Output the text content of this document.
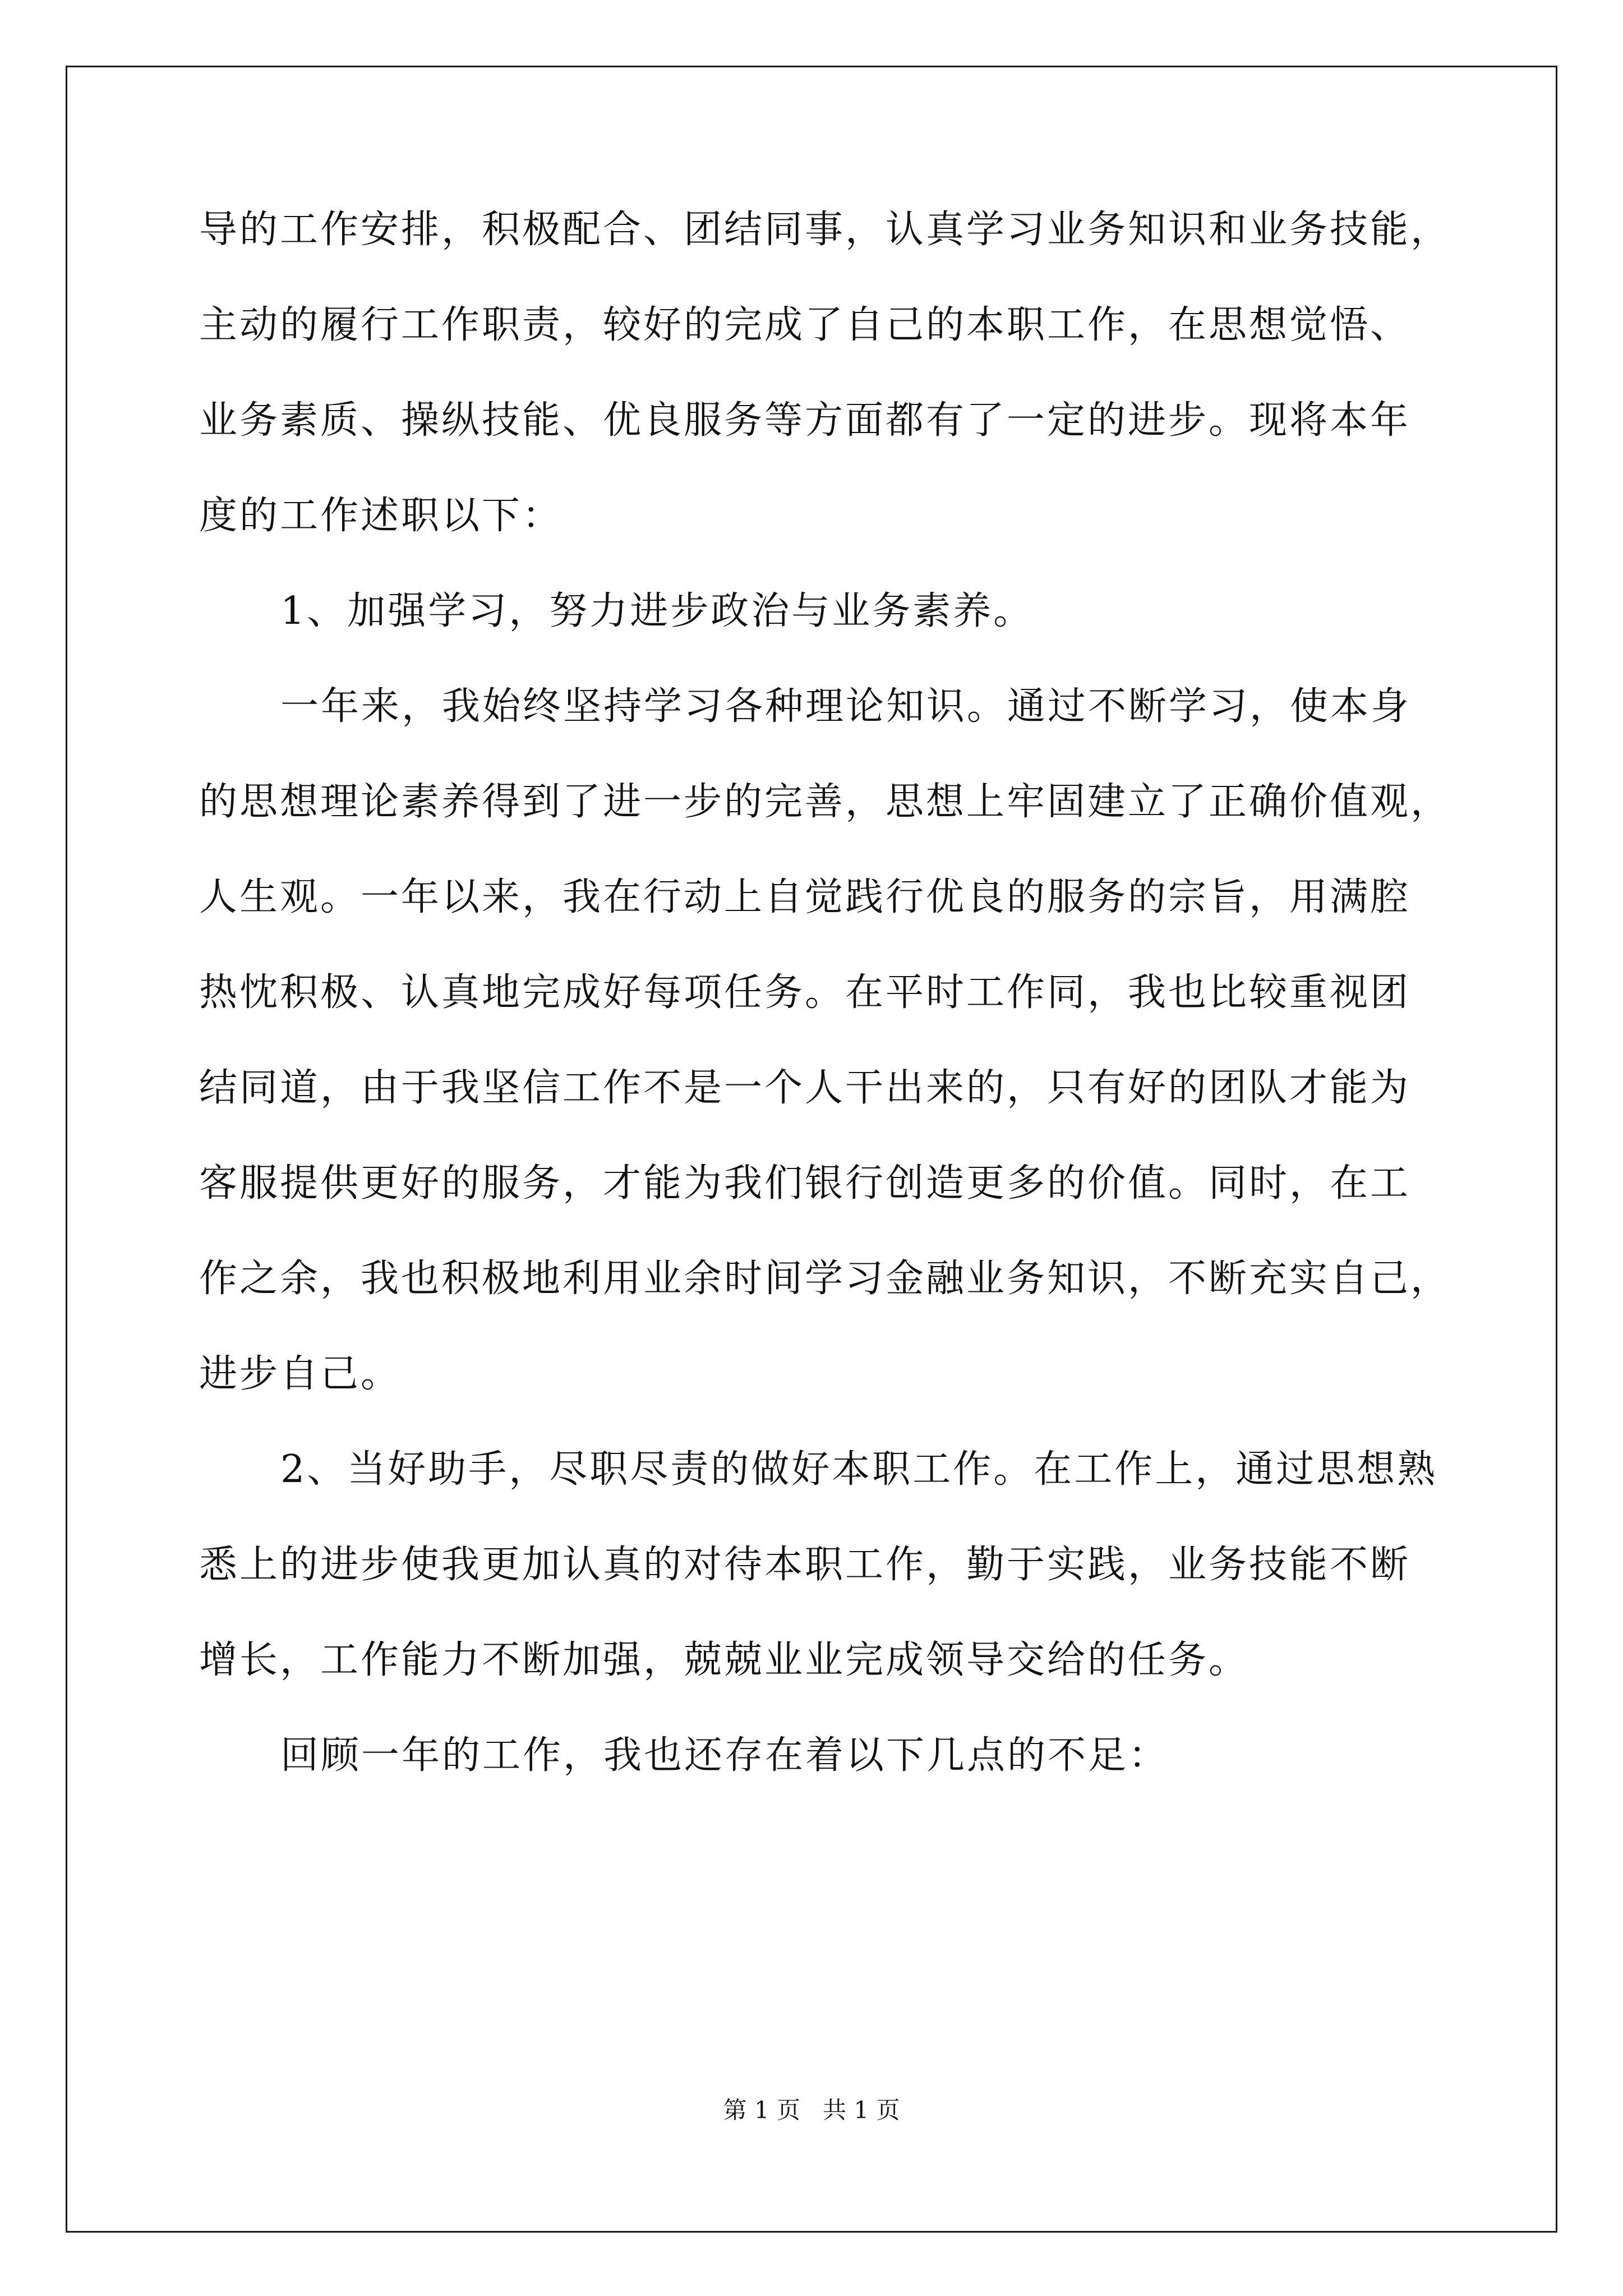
导的工作安排，积极配合、团结同事，认真学习业务知识和业务技能，
主动的履行工作职责，较好的完成了自己的本职工作，在思想觉悟、
业务素质、操纵技能、优良服务等方面都有了一定的进步。现将本年
度的工作述职以下：
1、加强学习，努力进步政治与业务素养。
一年来，我始终坚持学习各种理论知识。通过不断学习，使本身
的思想理论素养得到了进一步的完善，思想上牢固建立了正确价值观，
人生观。一年以来，我在行动上自觉践行优良的服务的宗旨，用满腔
热忱积极、认真地完成好每项任务。在平时工作同，我也比较重视团
结同道，由于我坚信工作不是一个人干出来的，只有好的团队才能为
客服提供更好的服务，才能为我们银行创造更多的价值。同时，在工
作之余，我也积极地利用业余时间学习金融业务知识，不断充实自己，
进步自己。
2、当好助手，尽职尽责的做好本职工作。在工作上，通过思想熟
悉上的进步使我更加认真的对待本职工作，勤于实践，业务技能不断
增长，工作能力不断加强，兢兢业业完成领导交给的任务。
回顾一年的工作，我也还存在着以下几点的不足：
第 1 页   共 1 页
